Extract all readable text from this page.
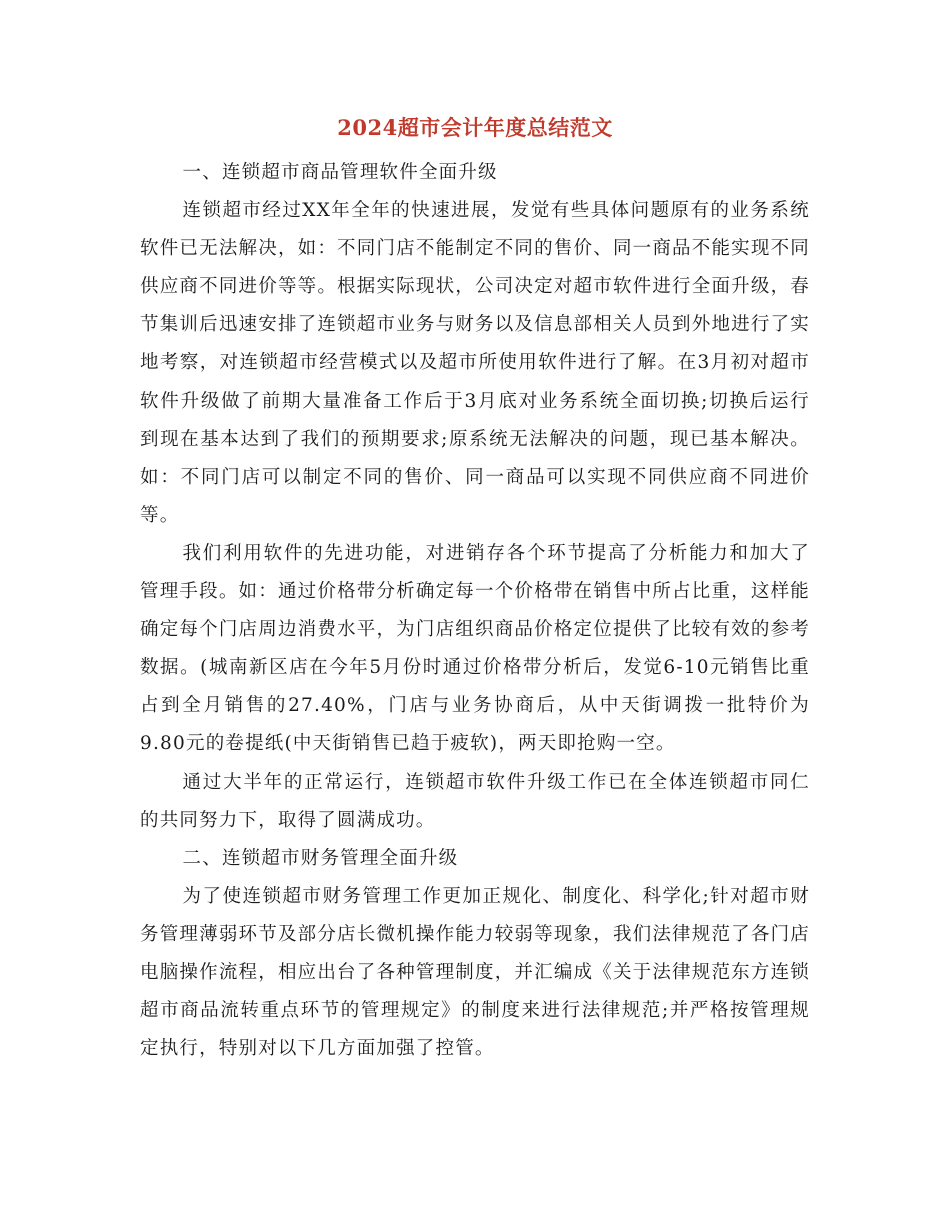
2024超市会计年度总结范文

一、连锁超市商品管理软件全面升级

连锁超市经过XX年全年的快速进展，发觉有些具体问题原有的业务系统软件已无法解决，如：不同门店不能制定不同的售价、同一商品不能实现不同供应商不同进价等等。根据实际现状，公司决定对超市软件进行全面升级，春节集训后迅速安排了连锁超市业务与财务以及信息部相关人员到外地进行了实地考察，对连锁超市经营模式以及超市所使用软件进行了解。在3月初对超市软件升级做了前期大量准备工作后于3月底对业务系统全面切换;切换后运行到现在基本达到了我们的预期要求;原系统无法解决的问题，现已基本解决。如：不同门店可以制定不同的售价、同一商品可以实现不同供应商不同进价等。

我们利用软件的先进功能，对进销存各个环节提高了分析能力和加大了管理手段。如：通过价格带分析确定每一个价格带在销售中所占比重，这样能确定每个门店周边消费水平，为门店组织商品价格定位提供了比较有效的参考数据。(城南新区店在今年5月份时通过价格带分析后，发觉6-10元销售比重占到全月销售的27.40%，门店与业务协商后，从中天街调拨一批特价为9.80元的卷提纸(中天街销售已趋于疲软)，两天即抢购一空。

通过大半年的正常运行，连锁超市软件升级工作已在全体连锁超市同仁的共同努力下，取得了圆满成功。

二、连锁超市财务管理全面升级

为了使连锁超市财务管理工作更加正规化、制度化、科学化;针对超市财务管理薄弱环节及部分店长微机操作能力较弱等现象，我们法律规范了各门店电脑操作流程，相应出台了各种管理制度，并汇编成《关于法律规范东方连锁超市商品流转重点环节的管理规定》的制度来进行法律规范;并严格按管理规定执行，特别对以下几方面加强了控管。
